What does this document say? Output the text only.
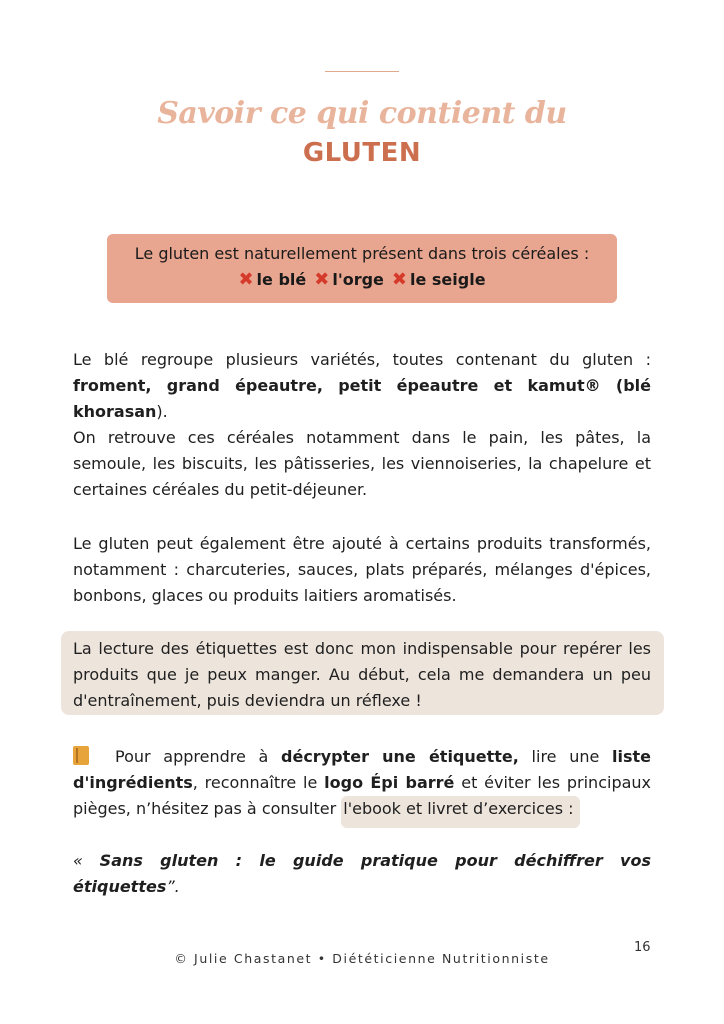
Savoir ce qui contient du
GLUTEN
Le gluten est naturellement présent dans trois céréales :
✖ le blé ✖ l'orge ✖ le seigle
Le blé regroupe plusieurs variétés, toutes contenant du gluten : froment, grand épeautre, petit épeautre et kamut® (blé khorasan).
On retrouve ces céréales notamment dans le pain, les pâtes, la semoule, les biscuits, les pâtisseries, les viennoiseries, la chapelure et certaines céréales du petit-déjeuner.
Le gluten peut également être ajouté à certains produits transformés, notamment : charcuteries, sauces, plats préparés, mélanges d'épices, bonbons, glaces ou produits laitiers aromatisés.
La lecture des étiquettes est donc mon indispensable pour repérer les produits que je peux manger. Au début, cela me demandera un peu d'entraînement, puis deviendra un réflexe !
Pour apprendre à décrypter une étiquette, lire une liste d'ingrédients, reconnaître le logo Épi barré et éviter les principaux pièges, n’hésitez pas à consulter l'ebook et livret d’exercices :
« Sans gluten : le guide pratique pour déchiffrer vos étiquettes”.
16
© Julie Chastanet • Diététicienne Nutritionniste
